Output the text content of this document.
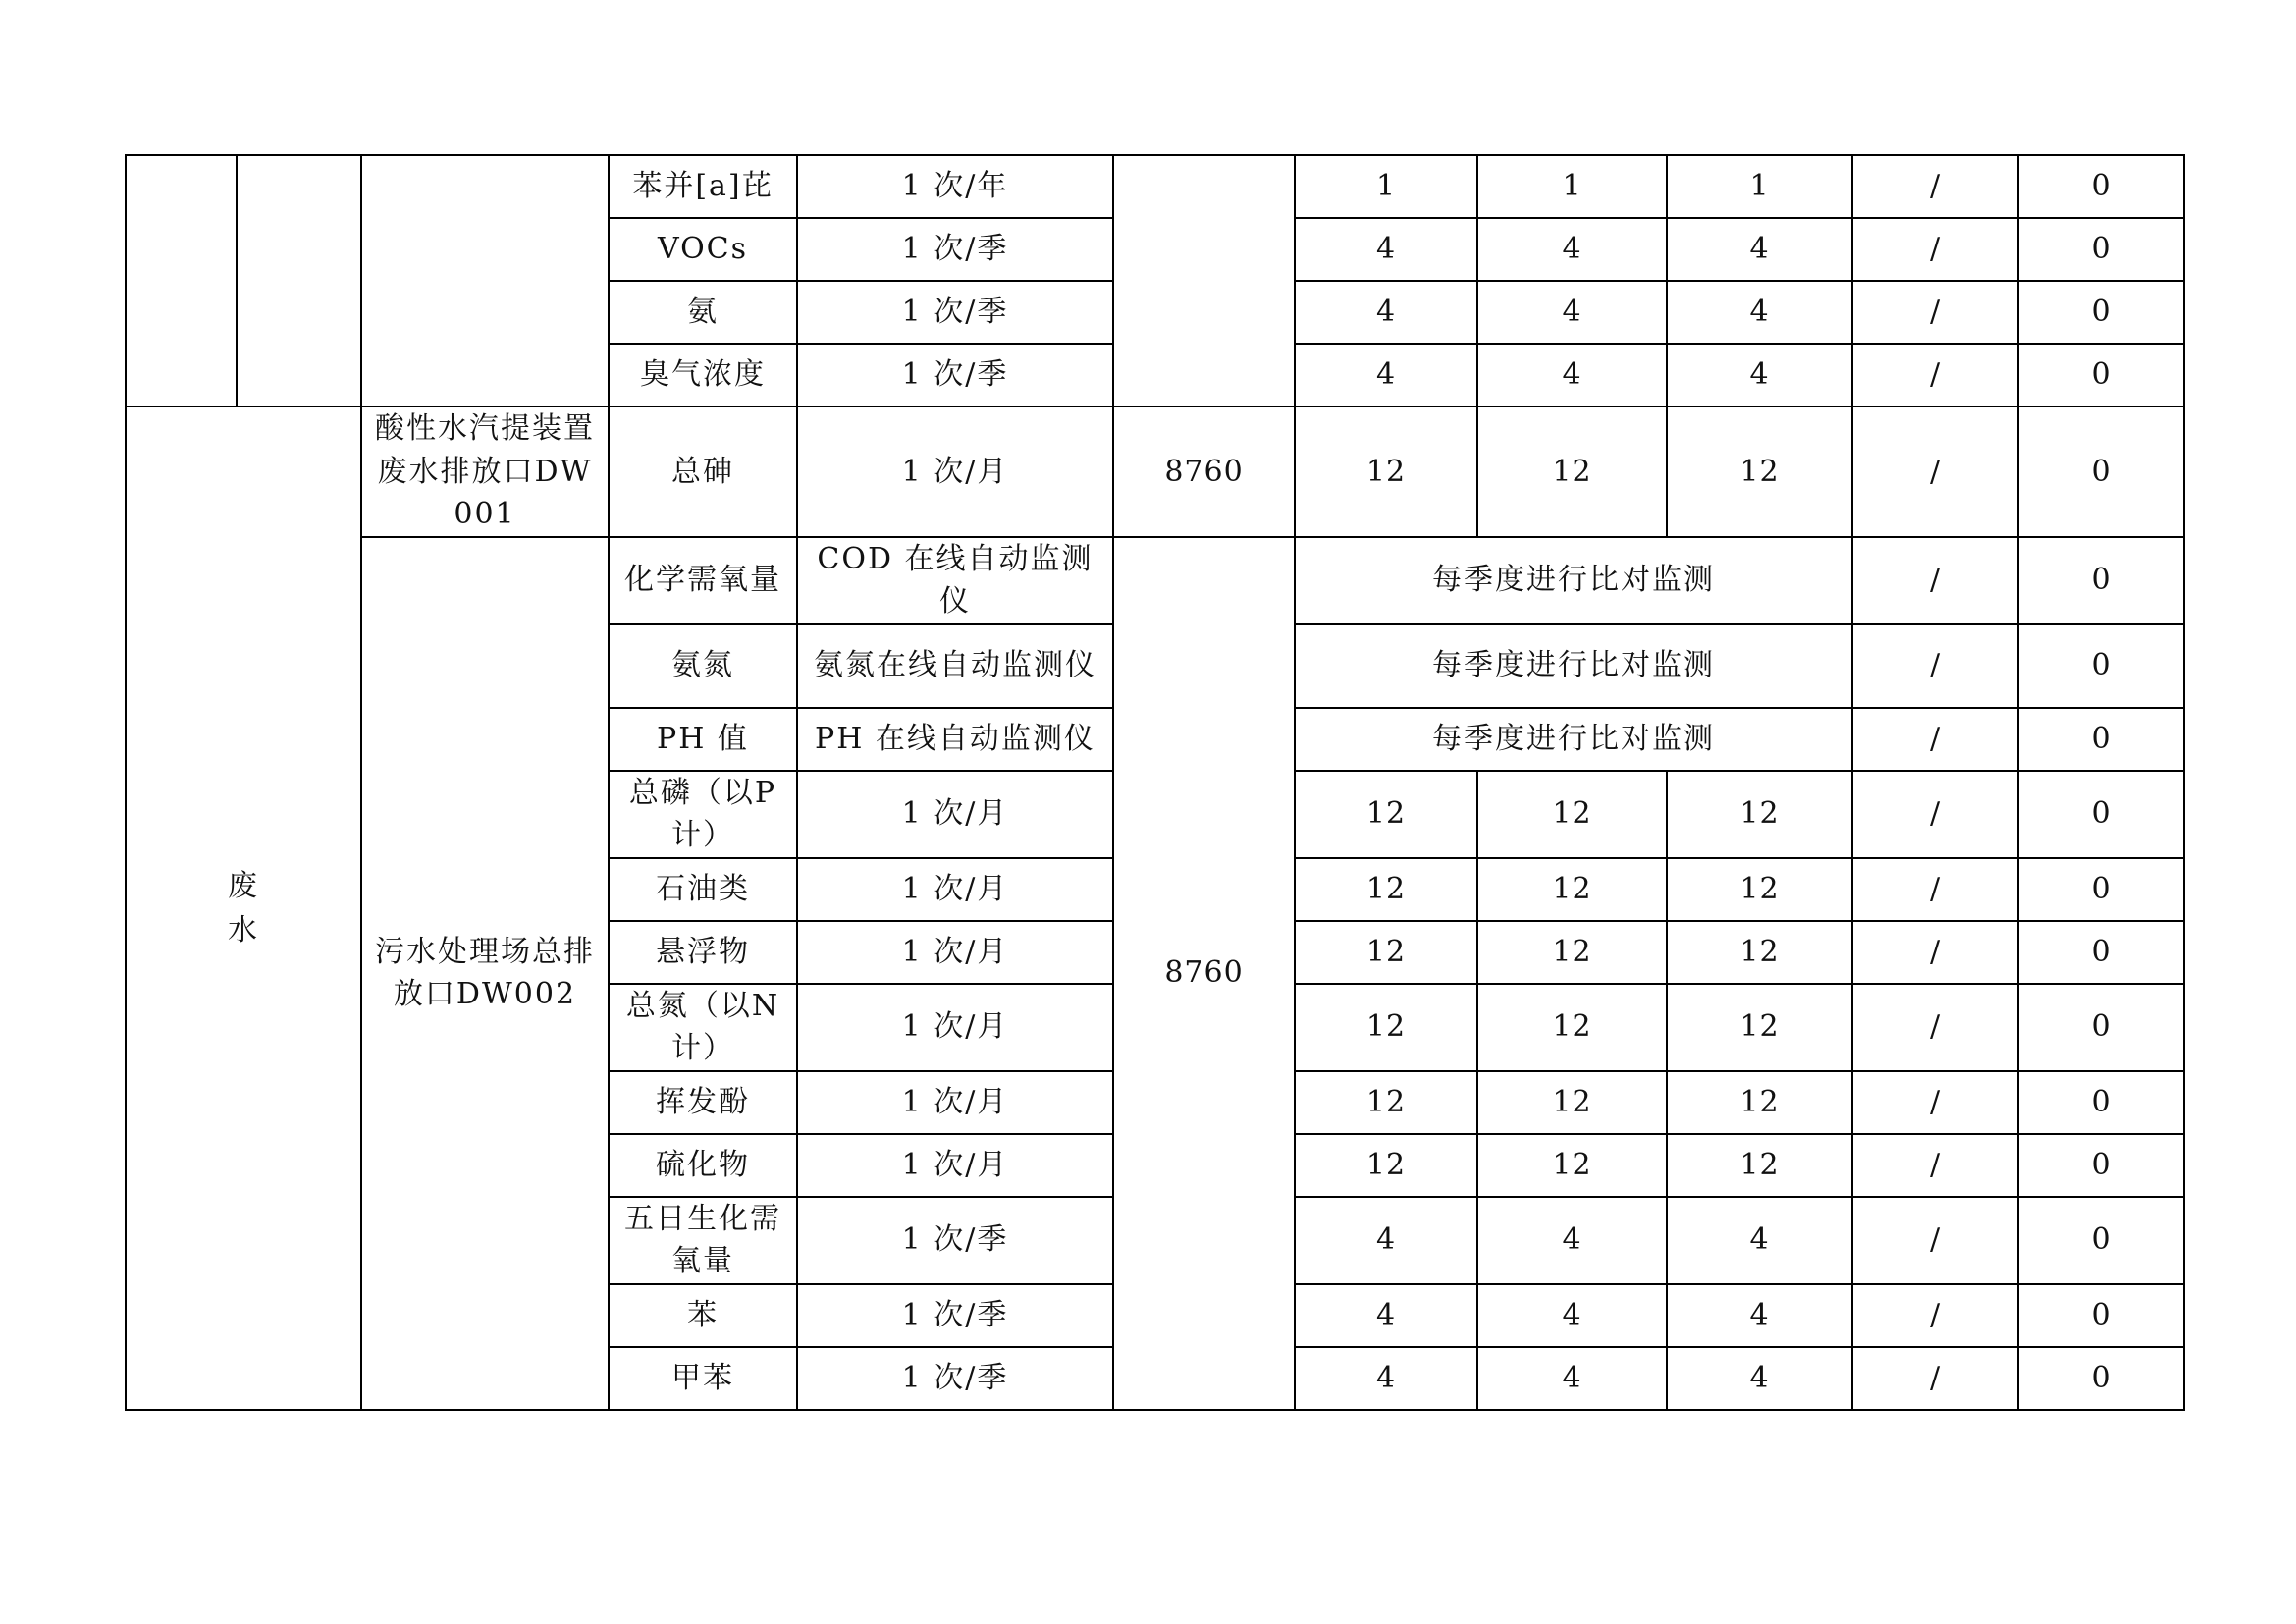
			苯并[a]芘	1 次/年		1	1	1	/	0
			VOCs	1 次/季		4	4	4	/	0
			氨	1 次/季		4	4	4	/	0
			臭气浓度	1 次/季		4	4	4	/	0
废水		酸性水汽提装置废水排放口DW001	总砷	1 次/月	8760	12	12	12	/	0
		污水处理场总排放口DW002	化学需氧量	COD 在线自动监测仪	8760	每季度进行比对监测			/	0
			氨氮	氨氮在线自动监测仪		每季度进行比对监测			/	0
			PH 值	PH 在线自动监测仪		每季度进行比对监测			/	0
			总磷（以P计）	1 次/月		12	12	12	/	0
			石油类	1 次/月		12	12	12	/	0
			悬浮物	1 次/月		12	12	12	/	0
			总氮（以N计）	1 次/月		12	12	12	/	0
			挥发酚	1 次/月		12	12	12	/	0
			硫化物	1 次/月		12	12	12	/	0
			五日生化需氧量	1 次/季		4	4	4	/	0
			苯	1 次/季		4	4	4	/	0
			甲苯	1 次/季		4	4	4	/	0
